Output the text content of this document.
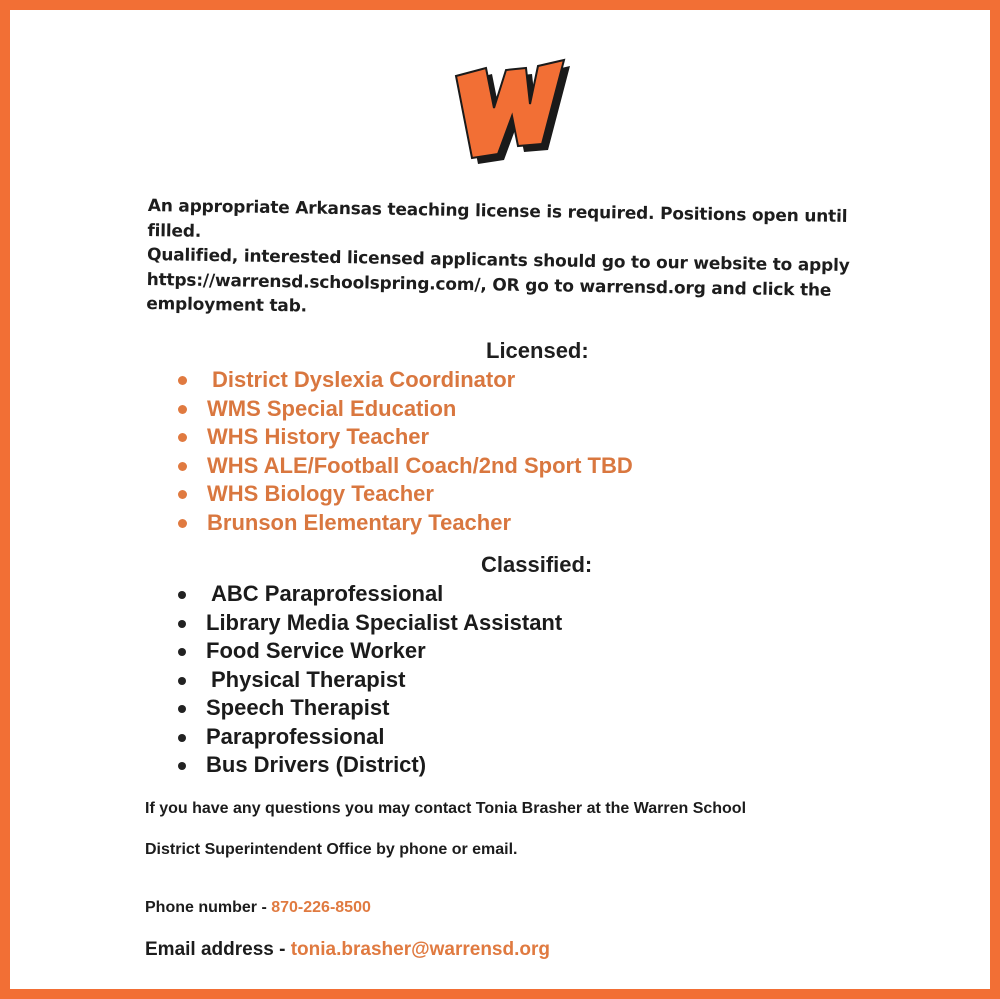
An appropriate Arkansas teaching license is required. Positions open until filled.
Qualified, interested licensed applicants should go to our website to apply
https://warrensd.schoolspring.com/, OR go to warrensd.org and click the
employment tab.
Licensed:
District Dyslexia Coordinator
WMS Special Education
WHS History Teacher
WHS ALE/Football Coach/2nd Sport TBD
WHS Biology Teacher
Brunson Elementary Teacher
Classified:
ABC Paraprofessional
Library Media Specialist Assistant
Food Service Worker
Physical Therapist
Speech Therapist
Paraprofessional
Bus Drivers (District)
If you have any questions you may contact Tonia Brasher at the Warren School
District Superintendent Office by phone or email.
Phone number - 870-226-8500
Email address - tonia.brasher@warrensd.org
